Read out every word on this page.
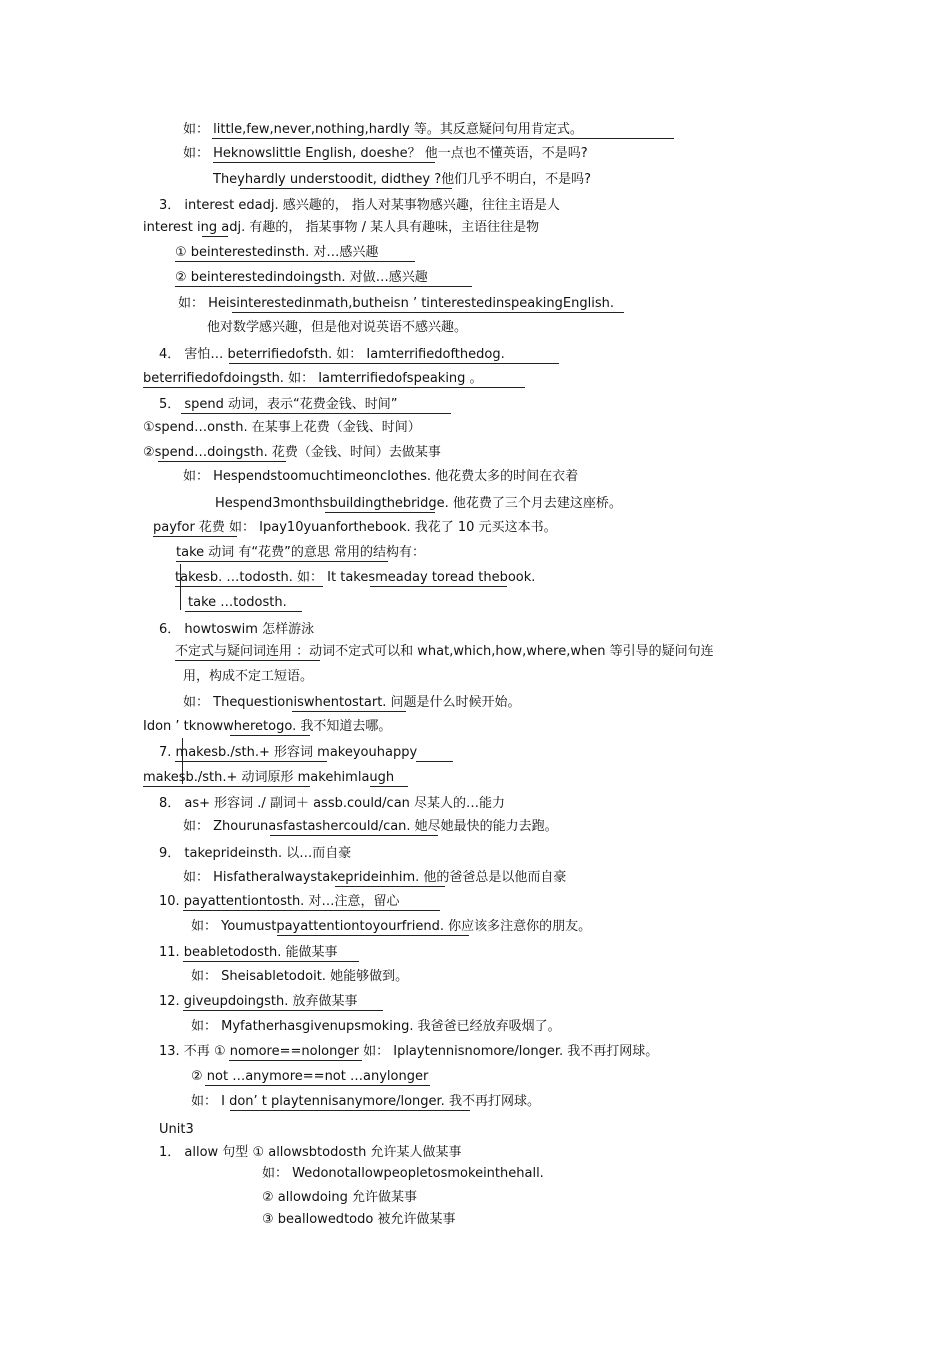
如： little,few,never,nothing,hardly 等。其反意疑问句用肯定式。
如： Heknowslittle English, doeshe？ 他一点也不懂英语，不是吗?
Theyhardly understoodit, didthey ?他们几乎不明白，不是吗?
3． interest edadj. 感兴趣的， 指人对某事物感兴趣，往往主语是人
interest ing adj. 有趣的， 指某事物 / 某人具有趣味，主语往往是物
① beinterestedinsth. 对…感兴趣
② beinterestedindoingsth. 对做…感兴趣
如： Heisinterestedinmath,butheisn ’ tinterestedinspeakingEnglish.
他对数学感兴趣，但是他对说英语不感兴趣。
4． 害怕… beterrifiedofsth. 如： Iamterrifiedofthedog.
beterrifiedofdoingsth. 如： Iamterrifiedofspeaking 。
5． spend 动词，表示“花费金钱、时间”
①spend…onsth. 在某事上花费（金钱、时间）
②spend…doingsth. 花费（金钱、时间）去做某事
如： Hespendstoomuchtimeonclothes. 他花费太多的时间在衣着
Hespend3monthsbuildingthebridge. 他花费了三个月去建这座桥。
payfor 花费 如： Ipay10yuanforthebook. 我花了 10 元买这本书。
take 动词 有“花费”的意思 常用的结构有：
takesb. …todosth. 如： It takesmeaday toread thebook.
take …todosth.
6． howtoswim 怎样游泳
不定式与疑问词连用 ：动词不定式可以和 what,which,how,where,when 等引导的疑问句连
用，构成不定工短语。
如： Thequestioniswhentostart. 问题是什么时候开始。
Idon ’ tknowwheretogo. 我不知道去哪。
7. makesb./sth.+ 形容词 makeyouhappy
makesb./sth.+ 动词原形 makehimlaugh
8． as+ 形容词 ./ 副词＋ assb.could/can 尽某人的…能力
如： Zhourunasfastashercould/can. 她尽她最快的能力去跑。
9． takeprideinsth. 以…而自豪
如： Hisfatheralwaystakeprideinhim. 他的爸爸总是以他而自豪
10. payattentiontosth. 对…注意，留心
如： Youmustpayattentiontoyourfriend. 你应该多注意你的朋友。
11. beabletodosth. 能做某事
如： Sheisabletodoit. 她能够做到。
12. giveupdoingsth. 放弃做某事
如： Myfatherhasgivenupsmoking. 我爸爸已经放弃吸烟了。
13. 不再 ① nomore==nolonger 如： Iplaytennisnomore/longer. 我不再打网球。
② not …anymore==not …anylonger
如： I don’ t playtennisanymore/longer. 我不再打网球。
Unit3
1． allow 句型 ① allowsbtodosth 允许某人做某事
如： Wedonotallowpeopletosmokeinthehall.
② allowdoing 允许做某事
③ beallowedtodo 被允许做某事
